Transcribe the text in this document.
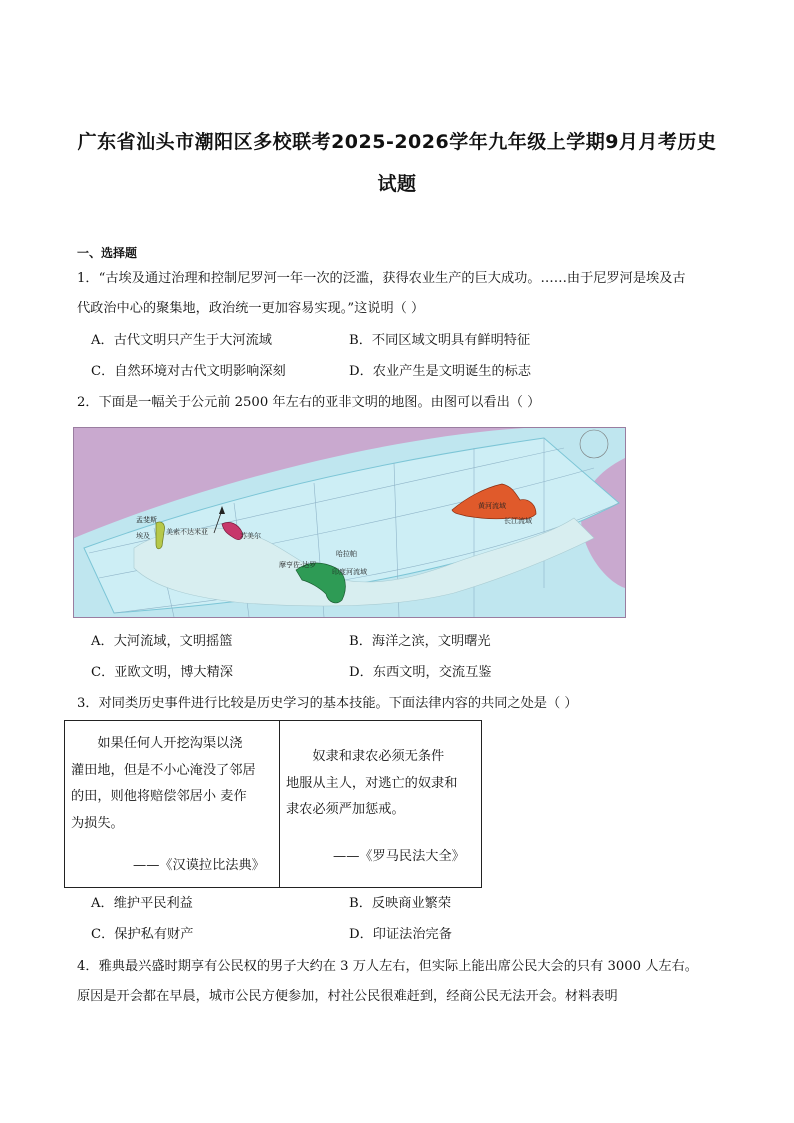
广东省汕头市潮阳区多校联考2025-2026学年九年级上学期9月月考历史
试题
一、选择题
1．“古埃及通过治理和控制尼罗河一年一次的泛滥，获得农业生产的巨大成功。……由于尼罗河是埃及古
代政治中心的聚集地，政治统一更加容易实现。”这说明（ ）
A．古代文明只产生于大河流域	B．不同区域文明具有鲜明特征
C．自然环境对古代文明影响深刻	D．农业产生是文明诞生的标志
2．下面是一幅关于公元前 2500 年左右的亚非文明的地图。由图可以看出（ ）
孟斐斯
埃及 美索不达米亚	苏美尔
哈拉帕
摩亨佐·达罗
印度河流域
黄河流域
长江流域
A．大河流域，文明摇篮	B．海洋之滨，文明曙光
C．亚欧文明，博大精深	D．东西文明，交流互鉴
3．对同类历史事件进行比较是历史学习的基本技能。下面法律内容的共同之处是（ ）

　　如果任何人开挖沟渠以浇

灌田地，但是不小心淹没了邻居

的田，则他将赔偿邻居小 麦作

为损失。

——《汉谟拉比法典》

　　奴隶和隶农必须无条件

地服从主人，对逃亡的奴隶和

隶农必须严加惩戒。

——《罗马民法大全》
A．维护平民利益	B．反映商业繁荣
C．保护私有财产	D．印证法治完备
4．雅典最兴盛时期享有公民权的男子大约在 3 万人左右，但实际上能出席公民大会的只有 3000 人左右。
原因是开会都在早晨，城市公民方便参加，村社公民很难赶到，经商公民无法开会。材料表明
